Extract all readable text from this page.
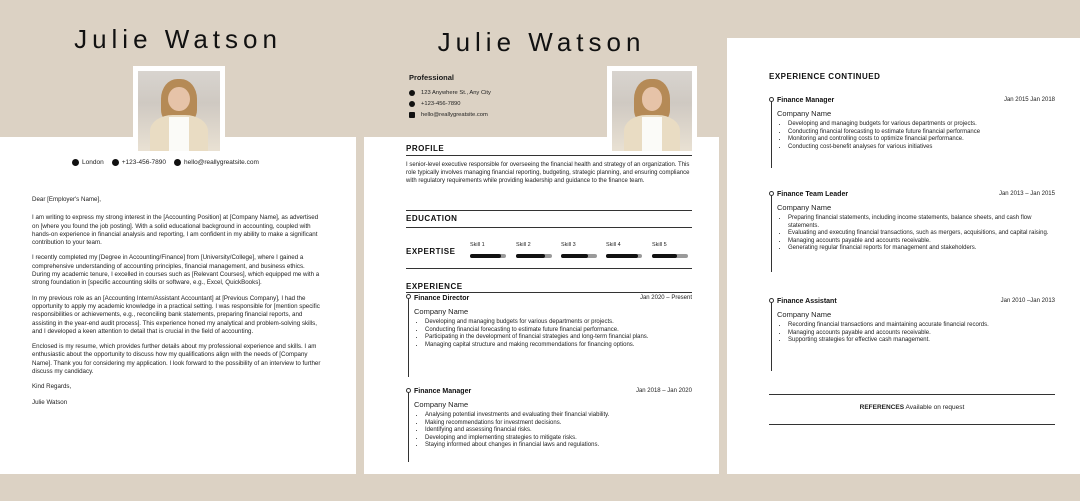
Julie Watson
London	+123-456-7890	hello@reallygreatsite.com

Dear [Employer's Name],

I am writing to express my strong interest in the [Accounting Position] at [Company Name], as advertised on [where you found the job posting]. With a solid educational background in accounting, coupled with hands-on experience in financial analysis and reporting, I am confident in my ability to make a significant contribution to your team.

I recently completed my [Degree in Accounting/Finance] from [University/College], where I gained a comprehensive understanding of accounting principles, financial management, and business ethics. During my academic tenure, I excelled in courses such as [Relevant Courses], which equipped me with a strong foundation in [specific accounting skills or software, e.g., Excel, QuickBooks].

In my previous role as an [Accounting Intern/Assistant Accountant] at [Previous Company], I had the opportunity to apply my academic knowledge in a practical setting. I was responsible for [mention specific responsibilities or achievements, e.g., reconciling bank statements, preparing financial reports, and assisting in the year-end audit process]. This experience honed my analytical and problem-solving skills, and I developed a keen attention to detail that is crucial in the field of accounting.

Enclosed is my resume, which provides further details about my professional experience and skills. I am enthusiastic about the opportunity to discuss how my qualifications align with the needs of [Company Name]. Thank you for considering my application. I look forward to the possibility of an interview to further discuss my candidacy.

Kind Regards,

Julie Watson

Julie Watson
Professional
123 Anywhere St., Any City
+123-456-7890
hello@reallygreatsite.com
PROFILE
I senior-level executive responsible for overseeing the financial health and strategy of an organization. This role typically involves managing financial reporting, budgeting, strategic planning, and ensuring compliance with regulatory requirements while providing leadership and guidance to the finance team.
EDUCATION
EXPERTISE
Skill 1	Skill 2	Skill 3	Skill 4	Skill 5
EXPERIENCE
Finance Director	Jan 2020 – Present
Company Name
• Developing and managing budgets for various departments or projects.
• Conducting financial forecasting to estimate future financial performance.
• Participating in the development of financial strategies and long-term financial plans.
• Managing capital structure and making recommendations for financing options.
Finance Manager	Jan 2018 – Jan 2020
Company Name
• Analysing potential investments and evaluating their financial viability.
• Making recommendations for investment decisions.
• Identifying and assessing financial risks.
• Developing and implementing strategies to mitigate risks.
• Staying informed about changes in financial laws and regulations.
EXPERIENCE CONTINUED
Finance Manager	Jan 2015 Jan 2018
Company Name
• Developing and managing budgets for various departments or projects.
• Conducting financial forecasting to estimate future financial performance
• Monitoring and controlling costs to optimize financial performance.
• Conducting cost-benefit analyses for various initiatives
Finance Team Leader	Jan 2013 – Jan 2015
Company Name
• Preparing financial statements, including income statements, balance sheets, and cash flow statements.
• Evaluating and executing financial transactions, such as mergers, acquisitions, and capital raising.
• Managing accounts payable and accounts receivable.
• Generating regular financial reports for management and stakeholders.
Finance Assistant	Jan 2010 –Jan 2013
Company Name
• Recording financial transactions and maintaining accurate financial records.
• Managing accounts payable and accounts receivable.
• Supporting strategies for effective cash management.
REFERENCES Available on request
